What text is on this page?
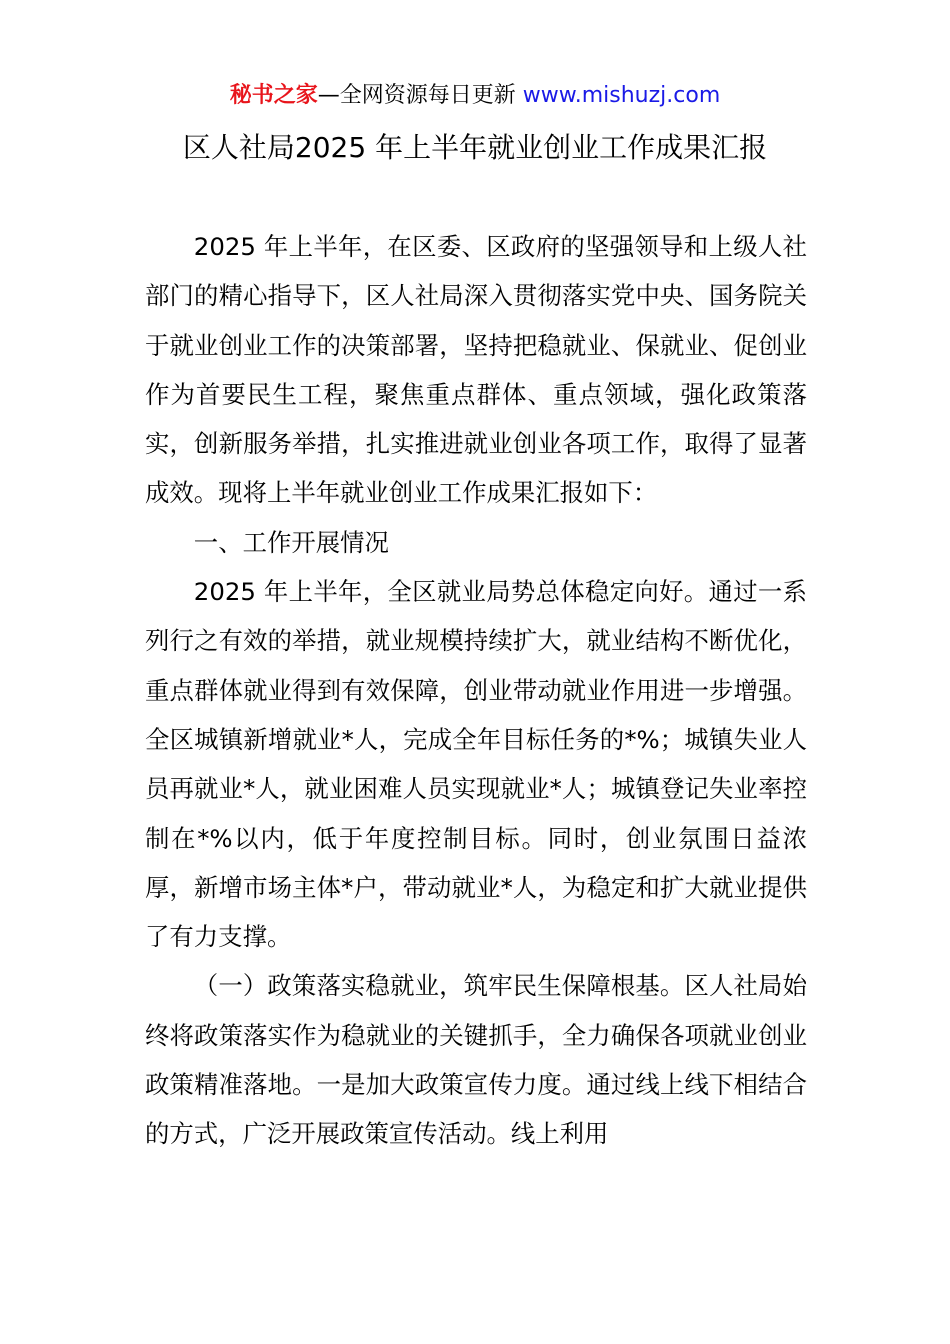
秘书之家—全网资源每日更新 www.mishuzj.com
区人社局2025 年上半年就业创业工作成果汇报

2025 年上半年，在区委、区政府的坚强领导和上级人社部门的精心指导下，区人社局深入贯彻落实党中央、国务院关于就业创业工作的决策部署，坚持把稳就业、保就业、促创业作为首要民生工程，聚焦重点群体、重点领域，强化政策落实，创新服务举措，扎实推进就业创业各项工作，取得了显著成效。现将上半年就业创业工作成果汇报如下：

一、工作开展情况

2025 年上半年，全区就业局势总体稳定向好。通过一系列行之有效的举措，就业规模持续扩大，就业结构不断优化，重点群体就业得到有效保障，创业带动就业作用进一步增强。全区城镇新增就业*人，完成全年目标任务的*%；城镇失业人员再就业*人，就业困难人员实现就业*人；城镇登记失业率控制在*%以内，低于年度控制目标。同时，创业氛围日益浓厚，新增市场主体*户，带动就业*人，为稳定和扩大就业提供了有力支撑。

（一）政策落实稳就业，筑牢民生保障根基。区人社局始终将政策落实作为稳就业的关键抓手，全力确保各项就业创业政策精准落地。一是加大政策宣传力度。通过线上线下相结合的方式，广泛开展政策宣传活动。线上利用
